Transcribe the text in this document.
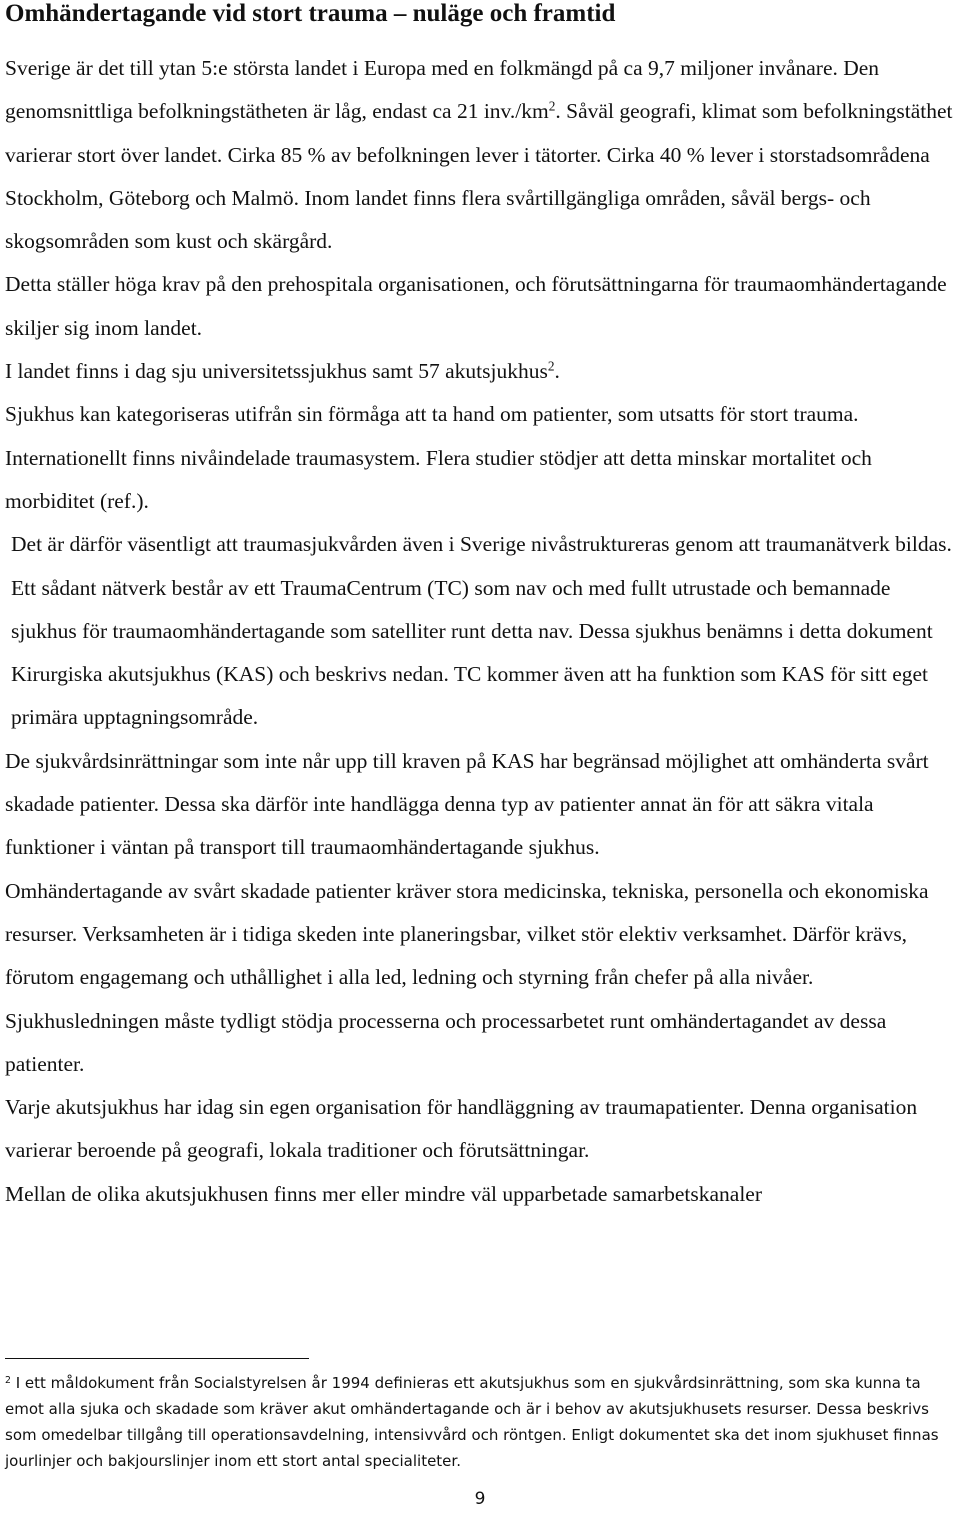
Omhändertagande vid stort trauma – nuläge och framtid

Sverige är det till ytan 5:e största landet i Europa med en folkmängd på ca 9,7 miljoner invånare. Den genomsnittliga befolkningstätheten är låg, endast ca 21 $inv./km^2$. Såväl geografi, klimat som befolkningstäthet varierar stort över landet. Cirka 85 % av befolkningen lever i tätorter. Cirka 40 % lever i storstadsområdena Stockholm, Göteborg och Malmö. Inom landet finns flera svårtillgängliga områden, såväl bergs- och skogsområden som kust och skärgård.

Detta ställer höga krav på den prehospitala organisationen, och förutsättningarna för traumaomhändertagande skiljer sig inom landet.

I landet finns i dag sju universitetssjukhus samt 57 akutsjukhus$^2$.

Sjukhus kan kategoriseras utifrån sin förmåga att ta hand om patienter, som utsatts för stort trauma. Internationellt finns nivåindelade traumasystem. Flera studier stödjer att detta minskar mortalitet och morbiditet (ref.).

Det är därför väsentligt att traumasjukvården även i Sverige nivåstruktureras genom att traumanätverk bildas. Ett sådant nätverk består av ett TraumaCentrum (TC) som nav och med fullt utrustade och bemannade sjukhus för traumaomhändertagande som satelliter runt detta nav. Dessa sjukhus benämns i detta dokument Kirurgiska akutsjukhus (KAS) och beskrivs nedan. TC kommer även att ha funktion som KAS för sitt eget primära upptagningsområde.

De sjukvårdsinrättningar som inte når upp till kraven på KAS har begränsad möjlighet att omhänderta svårt skadade patienter. Dessa ska därför inte handlägga denna typ av patienter annat än för att säkra vitala funktioner i väntan på transport till traumaomhändertagande sjukhus.

Omhändertagande av svårt skadade patienter kräver stora medicinska, tekniska, personella och ekonomiska resurser. Verksamheten är i tidiga skeden inte planeringsbar, vilket stör elektiv verksamhet. Därför krävs, förutom engagemang och uthållighet i alla led, ledning och styrning från chefer på alla nivåer. Sjukhusledningen måste tydligt stödja processerna och processarbetet runt omhändertagandet av dessa patienter.

Varje akutsjukhus har idag sin egen organisation för handläggning av traumapatienter. Denna organisation varierar beroende på geografi, lokala traditioner och förutsättningar.

Mellan de olika akutsjukhusen finns mer eller mindre väl upparbetade samarbetskanaler

$^2$ I ett måldokument från Socialstyrelsen år 1994 definieras ett akutsjukhus som en sjukvårdsinrättning, som ska kunna ta emot alla sjuka och skadade som kräver akut omhändertagande och är i behov av akutsjukhusets resurser. Dessa beskrivs som omedelbar tillgång till operationsavdelning, intensivvård och röntgen. Enligt dokumentet ska det inom sjukhuset finnas jourlinjer och bakjourslinjer inom ett stort antal specialiteter.

9
